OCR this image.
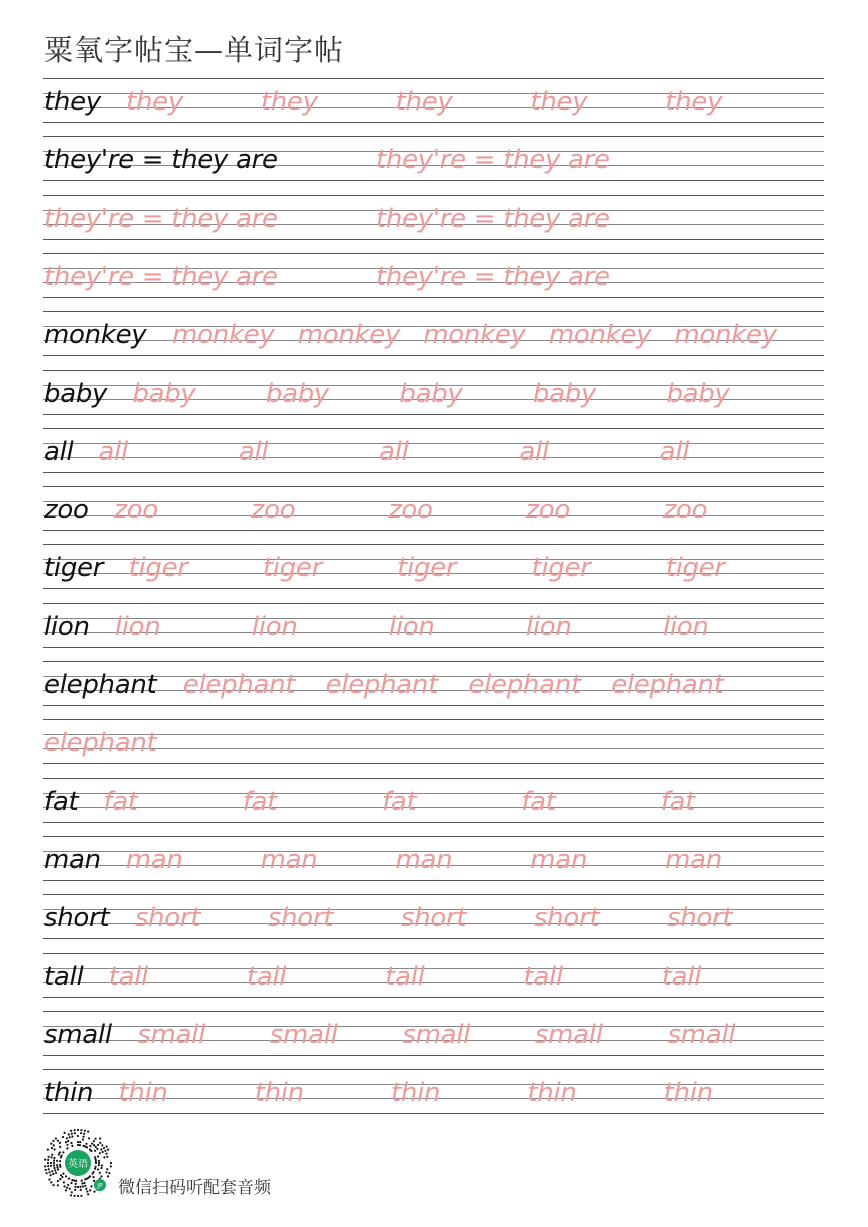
粟氧字帖宝—单词字帖
they they	they	they	they	they
they're = they are	they're = they are
they're = they are	they're = they are
they're = they are	they're = they are
monkey monkey monkey monkey monkey monkey
baby baby	baby	baby	baby	baby
all all	all	all	all	all
zoo zoo	zoo	zoo	zoo	zoo
tiger tiger	tiger	tiger	tiger	tiger
lion lion	lion	lion	lion	lion
elephant elephant elephant elephant elephant
elephant
fat fat	fat	fat	fat	fat
man man	man	man	man	man
short short	short	short	short	short
tall tall	tall	tall	tall	tall
small small small small small small
thin thin	thin	thin	thin	thin
英语
JP 微信扫码听配套音频
